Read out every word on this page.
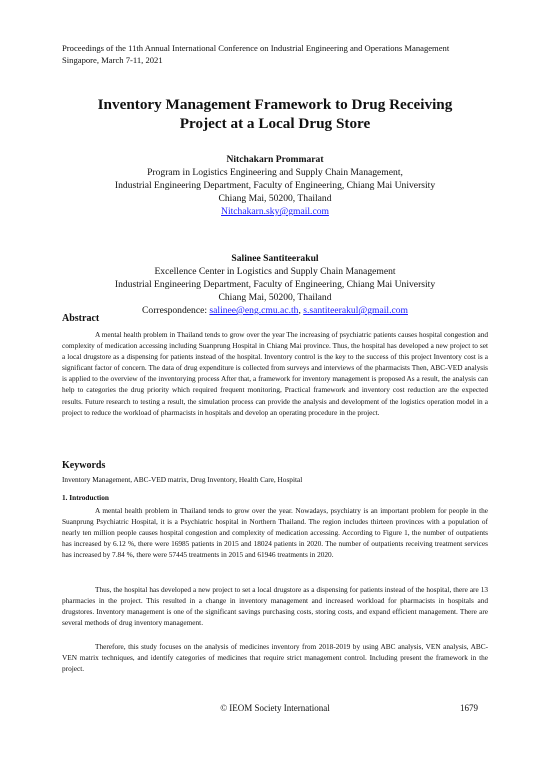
Proceedings of the 11th Annual International Conference on Industrial Engineering and Operations Management
Singapore, March 7-11, 2021
Inventory Management Framework to Drug Receiving
Project at a Local Drug Store
Nitchakarn Prommarat
Program in Logistics Engineering and Supply Chain Management,
Industrial Engineering Department, Faculty of Engineering, Chiang Mai University
Chiang Mai, 50200, Thailand
Nitchakarn.sky@gmail.com
Salinee Santiteerakul
Excellence Center in Logistics and Supply Chain Management
Industrial Engineering Department, Faculty of Engineering, Chiang Mai University
Chiang Mai, 50200, Thailand
Correspondence: salinee@eng.cmu.ac.th, s.santiteerakul@gmail.com
Abstract
A mental health problem in Thailand tends to grow over the year The increasing of psychiatric patients causes hospital congestion and complexity of medication accessing including Suanprung Hospital in Chiang Mai province. Thus, the hospital has developed a new project to set a local drugstore as a dispensing for patients instead of the hospital. Inventory control is the key to the success of this project Inventory cost is a significant factor of concern. The data of drug expenditure is collected from surveys and interviews of the pharmacists Then, ABC-VED analysis is applied to the overview of the inventorying process After that, a framework for inventory management is proposed As a result, the analysis can help to categories the drug priority which required frequent monitoring, Practical framework and inventory cost reduction are the expected results. Future research to testing a result, the simulation process can provide the analysis and development of the logistics operation model in a project to reduce the workload of pharmacists in hospitals and develop an operating procedure in the project.
Keywords
Inventory Management, ABC-VED matrix, Drug Inventory, Health Care, Hospital
1. Introduction
A mental health problem in Thailand tends to grow over the year. Nowadays, psychiatry is an important problem for people in the Suanprung Psychiatric Hospital, it is a Psychiatric hospital in Northern Thailand. The region includes thirteen provinces with a population of nearly ten million people causes hospital congestion and complexity of medication accessing. According to Figure 1, the number of outpatients has increased by 6.12 %, there were 16985 patients in 2015 and 18024 patients in 2020. The number of outpatients receiving treatment services has increased by 7.84 %, there were 57445 treatments in 2015 and 61946 treatments in 2020.
Thus, the hospital has developed a new project to set a local drugstore as a dispensing for patients instead of the hospital, there are 13 pharmacies in the project. This resulted in a change in inventory management and increased workload for pharmacists in hospitals and drugstores. Inventory management is one of the significant savings purchasing costs, storing costs, and expand efficient management. There are several methods of drug inventory management.
Therefore, this study focuses on the analysis of medicines inventory from 2018-2019 by using ABC analysis, VEN analysis, ABC-VEN matrix techniques, and identify categories of medicines that require strict management control. Including present the framework in the project.
© IEOM Society International	1679
